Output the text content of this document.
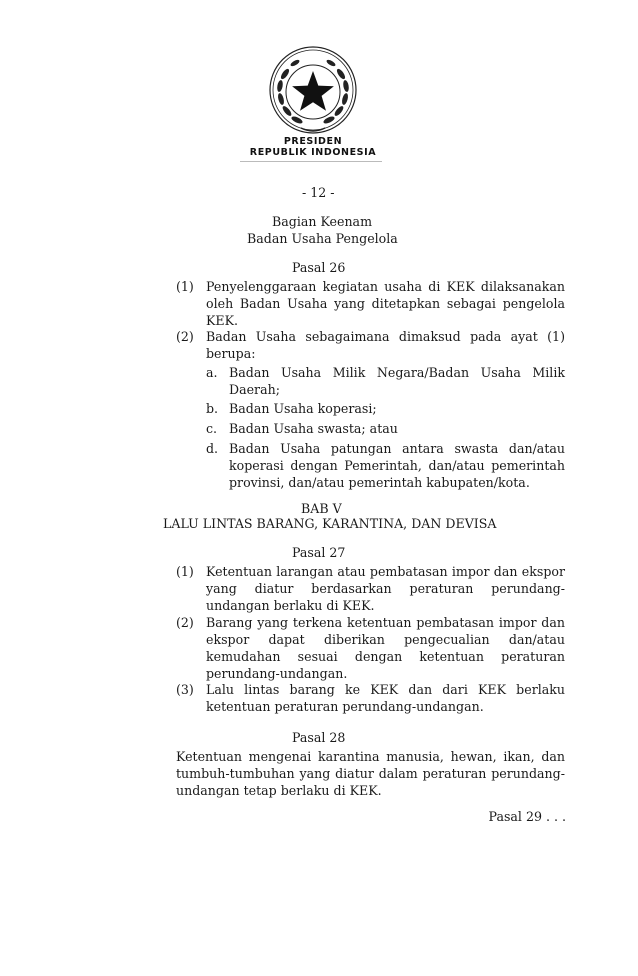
PRESIDEN
REPUBLIK INDONESIA
- 12 -
Bagian Keenam
Badan Usaha Pengelola
Pasal 26
(1) Penyelenggaraan kegiatan usaha di KEK dilaksanakan oleh Badan Usaha yang ditetapkan sebagai pengelola KEK.
(2) Badan Usaha sebagaimana dimaksud pada ayat (1) berupa:
a. Badan Usaha Milik Negara/Badan Usaha Milik Daerah;
b. Badan Usaha koperasi;
c. Badan Usaha swasta; atau
d. Badan Usaha patungan antara swasta dan/atau koperasi dengan Pemerintah, dan/atau pemerintah provinsi, dan/atau pemerintah kabupaten/kota.
BAB V
LALU LINTAS BARANG, KARANTINA, DAN DEVISA
Pasal 27
(1) Ketentuan larangan atau pembatasan impor dan ekspor yang diatur berdasarkan peraturan perundang-undangan berlaku di KEK.
(2) Barang yang terkena ketentuan pembatasan impor dan ekspor dapat diberikan pengecualian dan/atau kemudahan sesuai dengan ketentuan peraturan perundang-undangan.
(3) Lalu lintas barang ke KEK dan dari KEK berlaku ketentuan peraturan perundang-undangan.
Pasal 28
Ketentuan mengenai karantina manusia, hewan, ikan, dan tumbuh-tumbuhan yang diatur dalam peraturan perundang-undangan tetap berlaku di KEK.
Pasal 29 . . .
